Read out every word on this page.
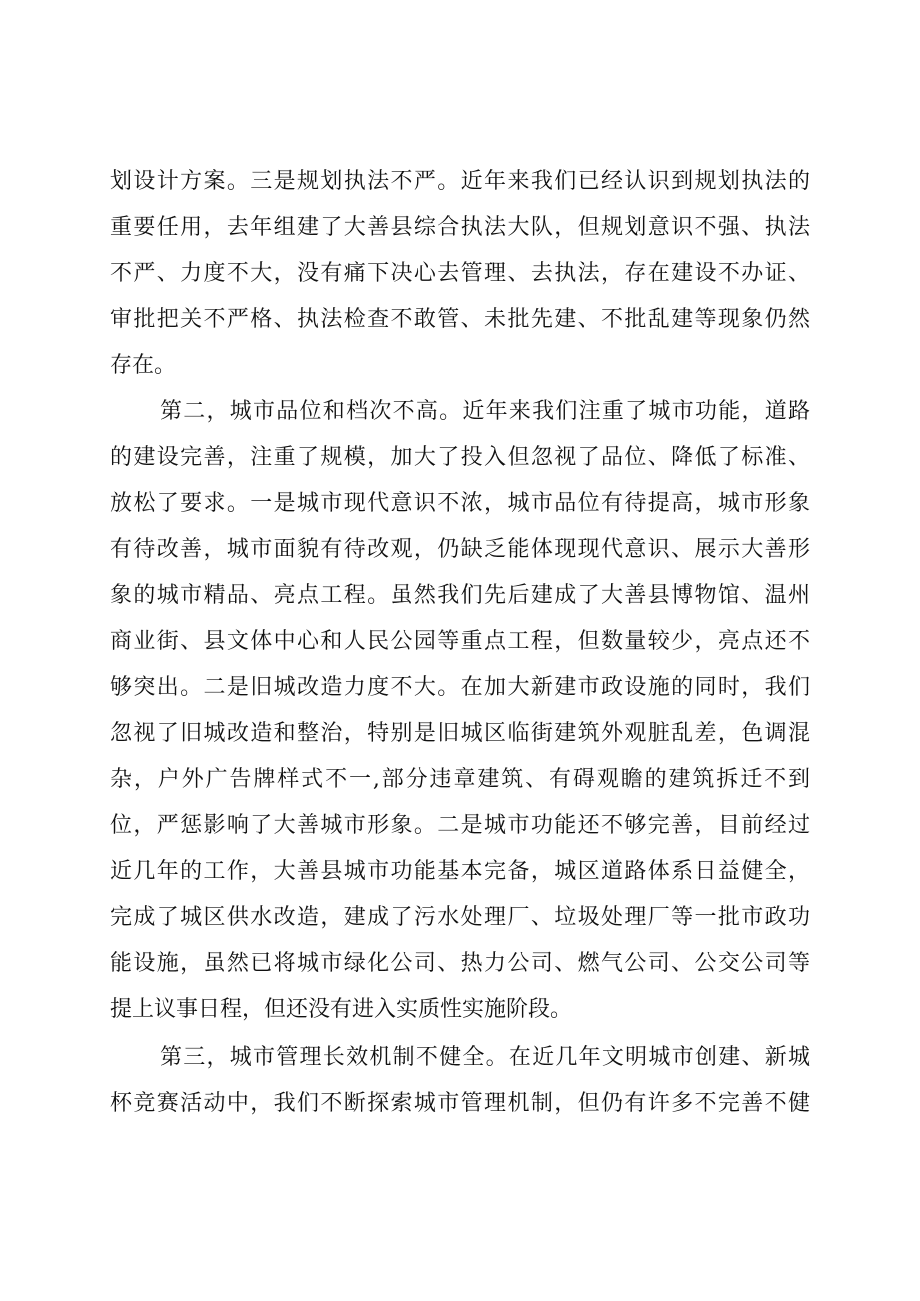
划设计方案。三是规划执法不严。近年来我们已经认识到规划执法的
重要任用，去年组建了大善县综合执法大队，但规划意识不强、执法
不严、力度不大，没有痛下决心去管理、去执法，存在建设不办证、
审批把关不严格、执法检查不敢管、未批先建、不批乱建等现象仍然
存在。
第二，城市品位和档次不高。近年来我们注重了城市功能，道路
的建设完善，注重了规模，加大了投入但忽视了品位、降低了标准、
放松了要求。一是城市现代意识不浓，城市品位有待提高，城市形象
有待改善，城市面貌有待改观，仍缺乏能体现现代意识、展示大善形
象的城市精品、亮点工程。虽然我们先后建成了大善县博物馆、温州
商业街、县文体中心和人民公园等重点工程，但数量较少，亮点还不
够突出。二是旧城改造力度不大。在加大新建市政设施的同时，我们
忽视了旧城改造和整治，特别是旧城区临街建筑外观脏乱差，色调混
杂，户外广告牌样式不一,部分违章建筑、有碍观瞻的建筑拆迁不到
位，严惩影响了大善城市形象。二是城市功能还不够完善，目前经过
近几年的工作，大善县城市功能基本完备，城区道路体系日益健全，
完成了城区供水改造，建成了污水处理厂、垃圾处理厂等一批市政功
能设施，虽然已将城市绿化公司、热力公司、燃气公司、公交公司等
提上议事日程，但还没有进入实质性实施阶段。
第三，城市管理长效机制不健全。在近几年文明城市创建、新城
杯竞赛活动中，我们不断探索城市管理机制，但仍有许多不完善不健
